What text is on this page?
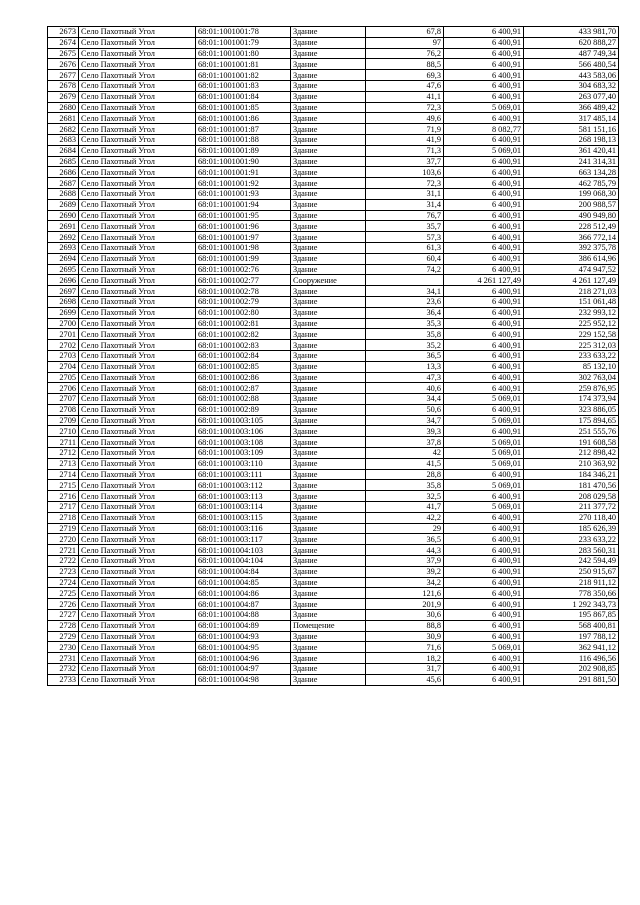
2673	Село Пахотный Угол	68:01:1001001:78	Здание	67,8	6 400,91	433 981,70
2674	Село Пахотный Угол	68:01:1001001:79	Здание	97	6 400,91	620 888,27
2675	Село Пахотный Угол	68:01:1001001:80	Здание	76,2	6 400,91	487 749,34
2676	Село Пахотный Угол	68:01:1001001:81	Здание	88,5	6 400,91	566 480,54
2677	Село Пахотный Угол	68:01:1001001:82	Здание	69,3	6 400,91	443 583,06
2678	Село Пахотный Угол	68:01:1001001:83	Здание	47,6	6 400,91	304 683,32
2679	Село Пахотный Угол	68:01:1001001:84	Здание	41,1	6 400,91	263 077,40
2680	Село Пахотный Угол	68:01:1001001:85	Здание	72,3	5 069,01	366 489,42
2681	Село Пахотный Угол	68:01:1001001:86	Здание	49,6	6 400,91	317 485,14
2682	Село Пахотный Угол	68:01:1001001:87	Здание	71,9	8 082,77	581 151,16
2683	Село Пахотный Угол	68:01:1001001:88	Здание	41,9	6 400,91	268 198,13
2684	Село Пахотный Угол	68:01:1001001:89	Здание	71,3	5 069,01	361 420,41
2685	Село Пахотный Угол	68:01:1001001:90	Здание	37,7	6 400,91	241 314,31
2686	Село Пахотный Угол	68:01:1001001:91	Здание	103,6	6 400,91	663 134,28
2687	Село Пахотный Угол	68:01:1001001:92	Здание	72,3	6 400,91	462 785,79
2688	Село Пахотный Угол	68:01:1001001:93	Здание	31,1	6 400,91	199 068,30
2689	Село Пахотный Угол	68:01:1001001:94	Здание	31,4	6 400,91	200 988,57
2690	Село Пахотный Угол	68:01:1001001:95	Здание	76,7	6 400,91	490 949,80
2691	Село Пахотный Угол	68:01:1001001:96	Здание	35,7	6 400,91	228 512,49
2692	Село Пахотный Угол	68:01:1001001:97	Здание	57,3	6 400,91	366 772,14
2693	Село Пахотный Угол	68:01:1001001:98	Здание	61,3	6 400,91	392 375,78
2694	Село Пахотный Угол	68:01:1001001:99	Здание	60,4	6 400,91	386 614,96
2695	Село Пахотный Угол	68:01:1001002:76	Здание	74,2	6 400,91	474 947,52
2696	Село Пахотный Угол	68:01:1001002:77	Сооружение		4 261 127,49	4 261 127,49
2697	Село Пахотный Угол	68:01:1001002:78	Здание	34,1	6 400,91	218 271,03
2698	Село Пахотный Угол	68:01:1001002:79	Здание	23,6	6 400,91	151 061,48
2699	Село Пахотный Угол	68:01:1001002:80	Здание	36,4	6 400,91	232 993,12
2700	Село Пахотный Угол	68:01:1001002:81	Здание	35,3	6 400,91	225 952,12
2701	Село Пахотный Угол	68:01:1001002:82	Здание	35,8	6 400,91	229 152,58
2702	Село Пахотный Угол	68:01:1001002:83	Здание	35,2	6 400,91	225 312,03
2703	Село Пахотный Угол	68:01:1001002:84	Здание	36,5	6 400,91	233 633,22
2704	Село Пахотный Угол	68:01:1001002:85	Здание	13,3	6 400,91	85 132,10
2705	Село Пахотный Угол	68:01:1001002:86	Здание	47,3	6 400,91	302 763,04
2706	Село Пахотный Угол	68:01:1001002:87	Здание	40,6	6 400,91	259 876,95
2707	Село Пахотный Угол	68:01:1001002:88	Здание	34,4	5 069,01	174 373,94
2708	Село Пахотный Угол	68:01:1001002:89	Здание	50,6	6 400,91	323 886,05
2709	Село Пахотный Угол	68:01:1001003:105	Здание	34,7	5 069,01	175 894,65
2710	Село Пахотный Угол	68:01:1001003:106	Здание	39,3	6 400,91	251 555,76
2711	Село Пахотный Угол	68:01:1001003:108	Здание	37,8	5 069,01	191 608,58
2712	Село Пахотный Угол	68:01:1001003:109	Здание	42	5 069,01	212 898,42
2713	Село Пахотный Угол	68:01:1001003:110	Здание	41,5	5 069,01	210 363,92
2714	Село Пахотный Угол	68:01:1001003:111	Здание	28,8	6 400,91	184 346,21
2715	Село Пахотный Угол	68:01:1001003:112	Здание	35,8	5 069,01	181 470,56
2716	Село Пахотный Угол	68:01:1001003:113	Здание	32,5	6 400,91	208 029,58
2717	Село Пахотный Угол	68:01:1001003:114	Здание	41,7	5 069,01	211 377,72
2718	Село Пахотный Угол	68:01:1001003:115	Здание	42,2	6 400,91	270 118,40
2719	Село Пахотный Угол	68:01:1001003:116	Здание	29	6 400,91	185 626,39
2720	Село Пахотный Угол	68:01:1001003:117	Здание	36,5	6 400,91	233 633,22
2721	Село Пахотный Угол	68:01:1001004:103	Здание	44,3	6 400,91	283 560,31
2722	Село Пахотный Угол	68:01:1001004:104	Здание	37,9	6 400,91	242 594,49
2723	Село Пахотный Угол	68:01:1001004:84	Здание	39,2	6 400,91	250 915,67
2724	Село Пахотный Угол	68:01:1001004:85	Здание	34,2	6 400,91	218 911,12
2725	Село Пахотный Угол	68:01:1001004:86	Здание	121,6	6 400,91	778 350,66
2726	Село Пахотный Угол	68:01:1001004:87	Здание	201,9	6 400,91	1 292 343,73
2727	Село Пахотный Угол	68:01:1001004:88	Здание	30,6	6 400,91	195 867,85
2728	Село Пахотный Угол	68:01:1001004:89	Помещение	88,8	6 400,91	568 400,81
2729	Село Пахотный Угол	68:01:1001004:93	Здание	30,9	6 400,91	197 788,12
2730	Село Пахотный Угол	68:01:1001004:95	Здание	71,6	5 069,01	362 941,12
2731	Село Пахотный Угол	68:01:1001004:96	Здание	18,2	6 400,91	116 496,56
2732	Село Пахотный Угол	68:01:1001004:97	Здание	31,7	6 400,91	202 908,85
2733	Село Пахотный Угол	68:01:1001004:98	Здание	45,6	6 400,91	291 881,50
